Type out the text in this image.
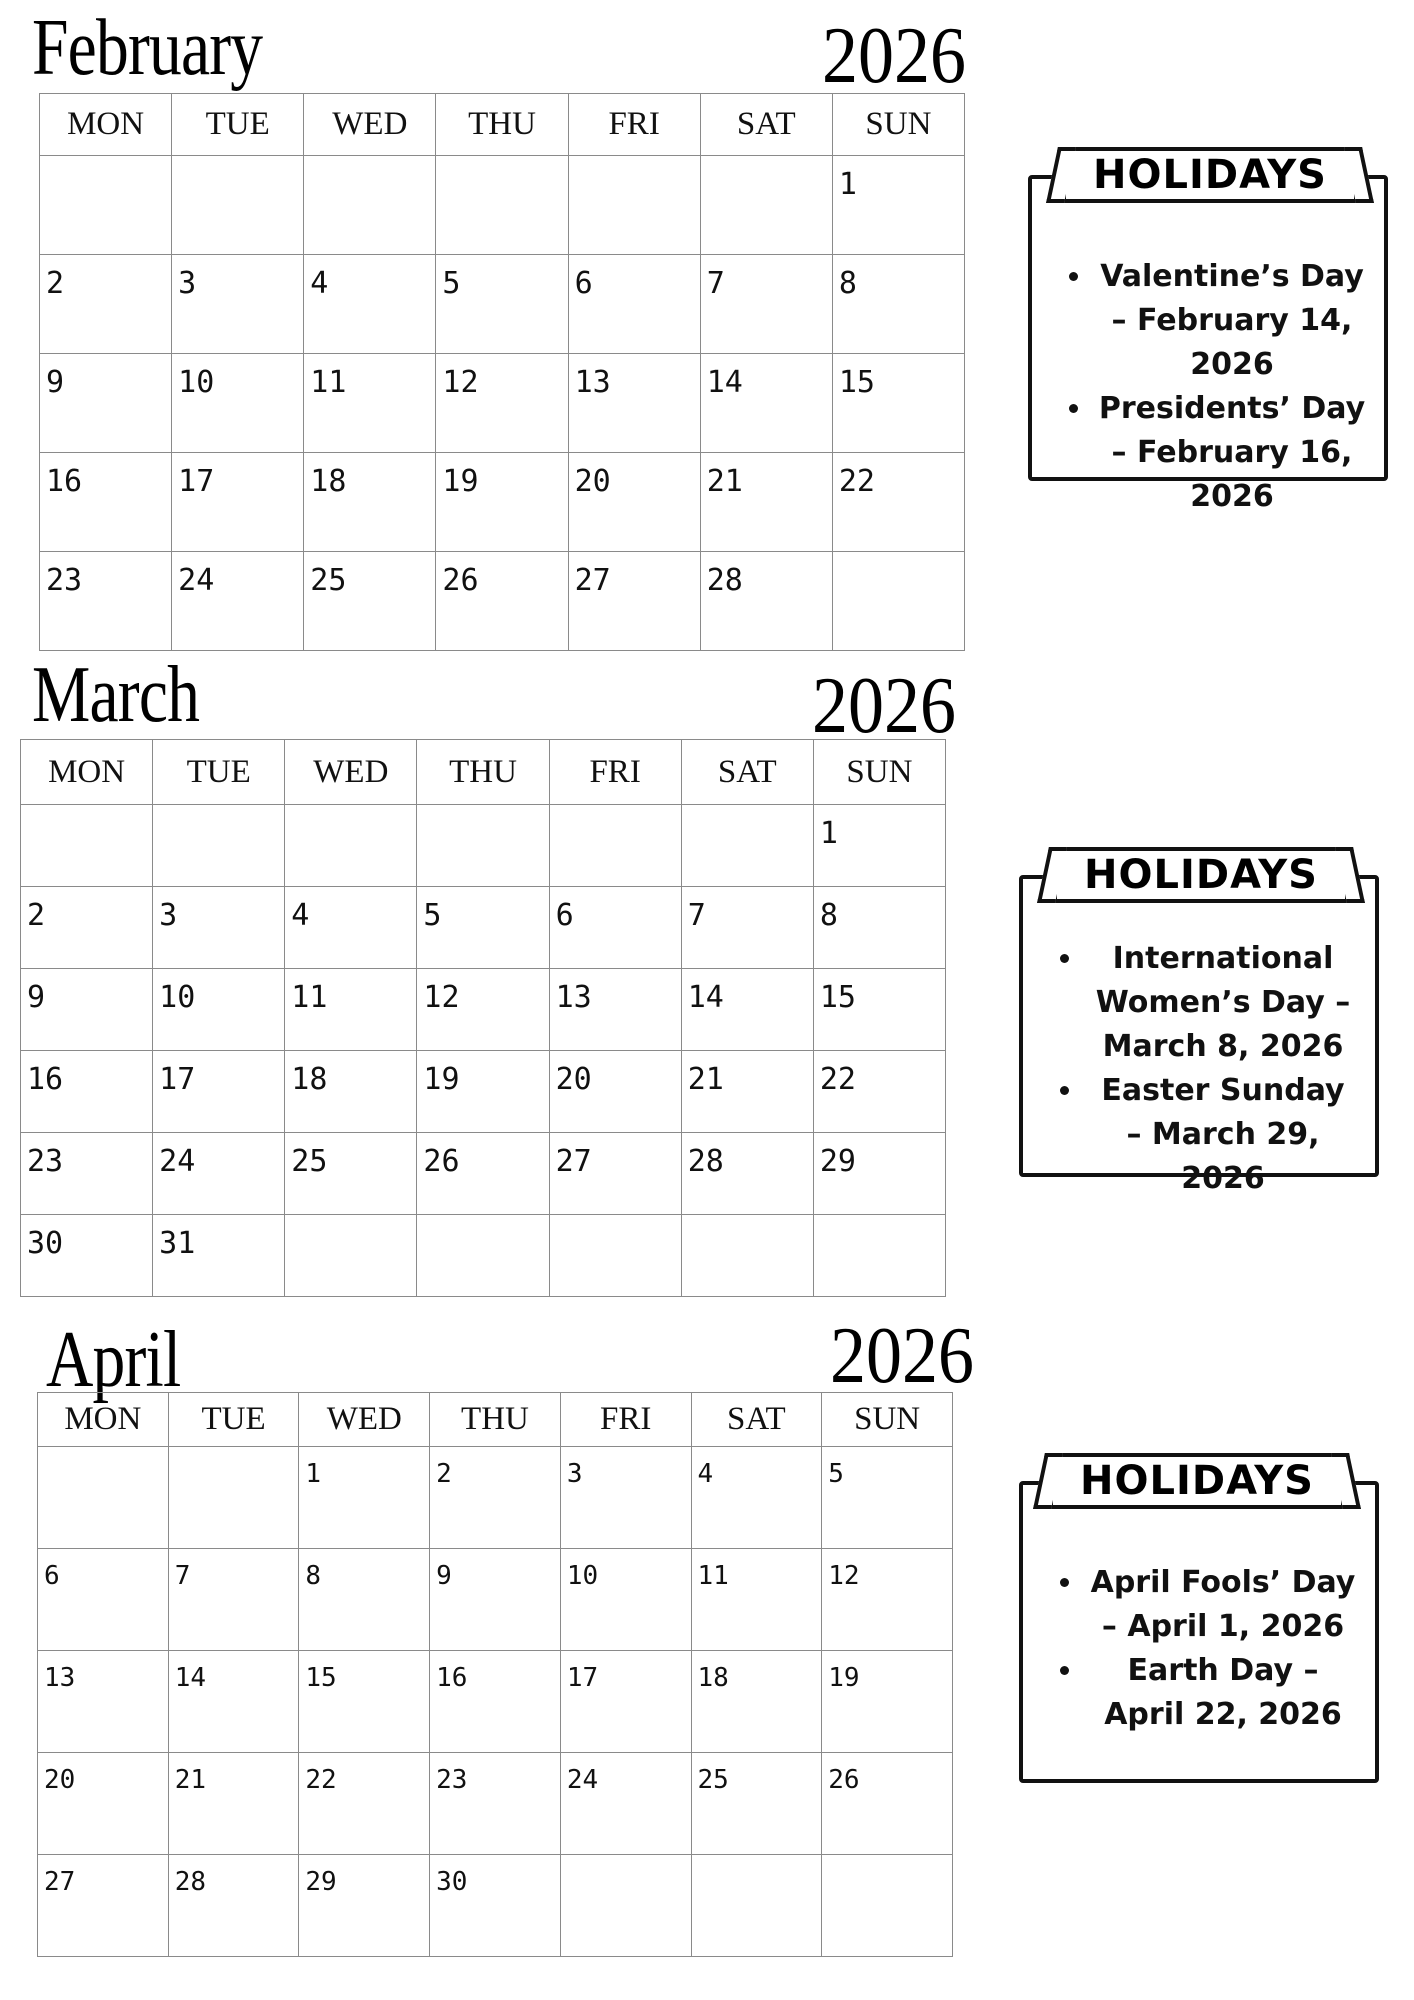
February	2026
MON	TUE	WED	THU	FRI	SAT	SUN

						1

2	3	4	5	6	7	8

9	10	11	12	13	14	15

16	17	18	19	20	21	22

23	24	25	26	27	28	

HOLIDAYS
• Valentine’s Day – February 14, 2026
• Presidents’ Day – February 16, 2026
March	2026
MON	TUE	WED	THU	FRI	SAT	SUN

						1

2	3	4	5	6	7	8

9	10	11	12	13	14	15

16	17	18	19	20	21	22

23	24	25	26	27	28	29

30	31					

HOLIDAYS
• International Women’s Day – March 8, 2026
• Easter Sunday – March 29, 2026
April	2026
MON	TUE	WED	THU	FRI	SAT	SUN

		1	2	3	4	5

6	7	8	9	10	11	12

13	14	15	16	17	18	19

20	21	22	23	24	25	26

27	28	29	30			

HOLIDAYS
• April Fools’ Day – April 1, 2026
• Earth Day – April 22, 2026
